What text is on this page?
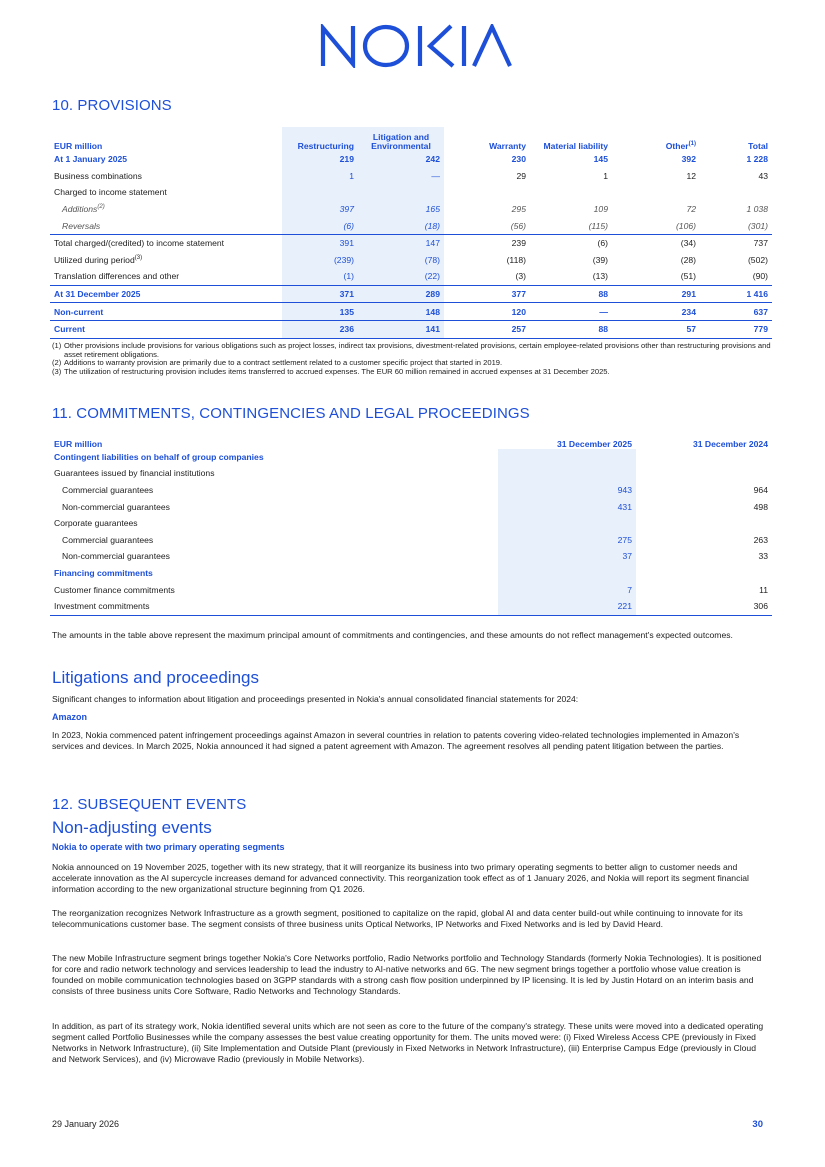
10. PROVISIONS
EUR million	Restructuring	Litigation and Environmental	Warranty	Material liability	Other$^{(1)}$	Total
At 1 January 2025	219	242	230	145	392	1 228
Business combinations	1	—	29	1	12	43
Charged to income statement						
Additions$^{(2)}$	397	165	295	109	72	1 038
Reversals	(6)	(18)	(56)	(115)	(106)	(301)
Total charged/(credited) to income statement	391	147	239	(6)	(34)	737
Utilized during period$^{(3)}$	(239)	(78)	(118)	(39)	(28)	(502)
Translation differences and other	(1)	(22)	(3)	(13)	(51)	(90)
At 31 December 2025	371	289	377	88	291	1 416
Non-current	135	148	120	—	234	637
Current	236	141	257	88	57	779
(1) Other provisions include provisions for various obligations such as project losses, indirect tax provisions, divestment-related provisions, certain employee-related provisions other than restructuring provisions and asset retirement obligations.
(2) Additions to warranty provision are primarily due to a contract settlement related to a customer specific project that started in 2019.
(3) The utilization of restructuring provision includes items transferred to accrued expenses. The EUR 60 million remained in accrued expenses at 31 December 2025.
11. COMMITMENTS, CONTINGENCIES AND LEGAL PROCEEDINGS
EUR million	31 December 2025	31 December 2024
Contingent liabilities on behalf of group companies		
Guarantees issued by financial institutions		
Commercial guarantees	943	964
Non-commercial guarantees	431	498
Corporate guarantees		
Commercial guarantees	275	263
Non-commercial guarantees	37	33
Financing commitments		
Customer finance commitments	7	11
Investment commitments	221	306
The amounts in the table above represent the maximum principal amount of commitments and contingencies, and these amounts do not reflect management's expected outcomes.
Litigations and proceedings
Significant changes to information about litigation and proceedings presented in Nokia's annual consolidated financial statements for 2024:
Amazon
In 2023, Nokia commenced patent infringement proceedings against Amazon in several countries in relation to patents covering video-related technologies implemented in Amazon's services and devices. In March 2025, Nokia announced it had signed a patent agreement with Amazon. The agreement resolves all pending patent litigation between the parties.
12. SUBSEQUENT EVENTS
Non-adjusting events
Nokia to operate with two primary operating segments
Nokia announced on 19 November 2025, together with its new strategy, that it will reorganize its business into two primary operating segments to better align to customer needs and accelerate innovation as the AI supercycle increases demand for advanced connectivity. This reorganization took effect as of 1 January 2026, and Nokia will report its segment financial information according to the new organizational structure beginning from Q1 2026.
The reorganization recognizes Network Infrastructure as a growth segment, positioned to capitalize on the rapid, global AI and data center build-out while continuing to innovate for its telecommunications customer base. The segment consists of three business units Optical Networks, IP Networks and Fixed Networks and is led by David Heard.
The new Mobile Infrastructure segment brings together Nokia's Core Networks portfolio, Radio Networks portfolio and Technology Standards (formerly Nokia Technologies). It is positioned for core and radio network technology and services leadership to lead the industry to AI-native networks and 6G. The new segment brings together a portfolio whose value creation is founded on mobile communication technologies based on 3GPP standards with a strong cash flow position underpinned by IP licensing. It is led by Justin Hotard on an interim basis and consists of three business units Core Software, Radio Networks and Technology Standards.
In addition, as part of its strategy work, Nokia identified several units which are not seen as core to the future of the company's strategy. These units were moved into a dedicated operating segment called Portfolio Businesses while the company assesses the best value creating opportunity for them. The units moved were: (i) Fixed Wireless Access CPE (previously in Fixed Networks in Network Infrastructure), (ii) Site Implementation and Outside Plant (previously in Fixed Networks in Network Infrastructure), (iii) Enterprise Campus Edge (previously in Cloud and Network Services), and (iv) Microwave Radio (previously in Mobile Networks).
29 January 2026	30
